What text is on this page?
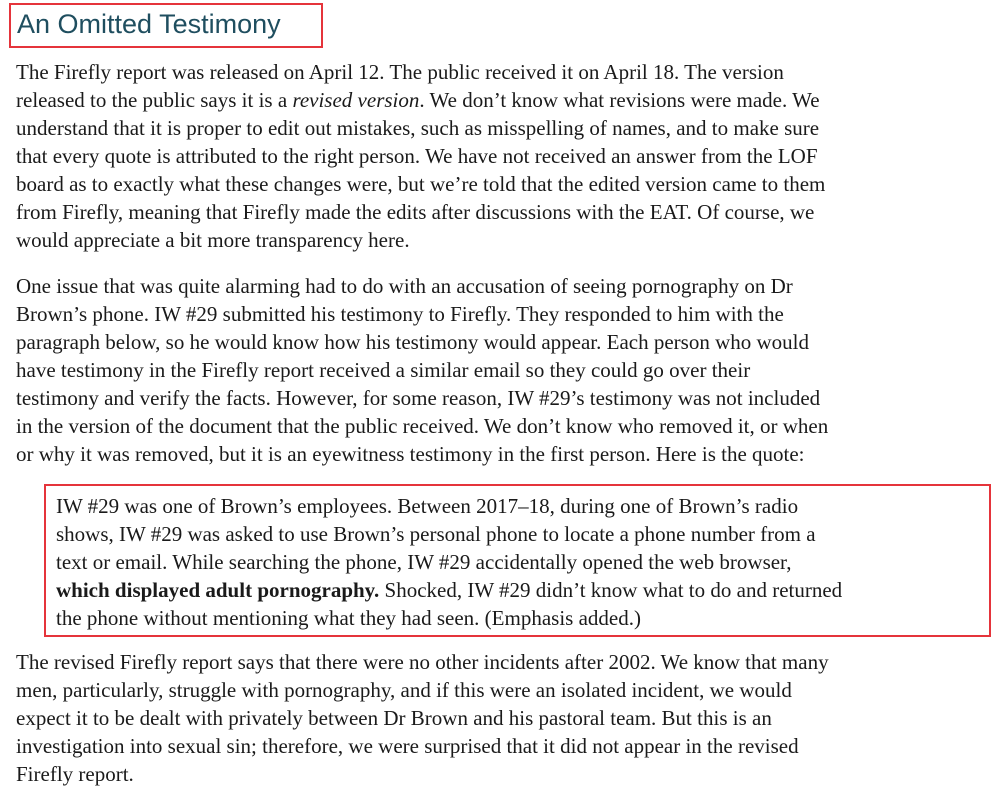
An Omitted Testimony

The Firefly report was released on April 12. The public received it on April 18. The version
released to the public says it is a revised version. We don’t know what revisions were made. We
understand that it is proper to edit out mistakes, such as misspelling of names, and to make sure
that every quote is attributed to the right person. We have not received an answer from the LOF
board as to exactly what these changes were, but we’re told that the edited version came to them
from Firefly, meaning that Firefly made the edits after discussions with the EAT. Of course, we
would appreciate a bit more transparency here.

One issue that was quite alarming had to do with an accusation of seeing pornography on Dr
Brown’s phone. IW #29 submitted his testimony to Firefly. They responded to him with the
paragraph below, so he would know how his testimony would appear. Each person who would
have testimony in the Firefly report received a similar email so they could go over their
testimony and verify the facts. However, for some reason, IW #29’s testimony was not included
in the version of the document that the public received. We don’t know who removed it, or when
or why it was removed, but it is an eyewitness testimony in the first person. Here is the quote:

IW #29 was one of Brown’s employees. Between 2017–18, during one of Brown’s radio
shows, IW #29 was asked to use Brown’s personal phone to locate a phone number from a
text or email. While searching the phone, IW #29 accidentally opened the web browser,
which displayed adult pornography. Shocked, IW #29 didn’t know what to do and returned
the phone without mentioning what they had seen. (Emphasis added.)

The revised Firefly report says that there were no other incidents after 2002. We know that many
men, particularly, struggle with pornography, and if this were an isolated incident, we would
expect it to be dealt with privately between Dr Brown and his pastoral team. But this is an
investigation into sexual sin; therefore, we were surprised that it did not appear in the revised
Firefly report.
